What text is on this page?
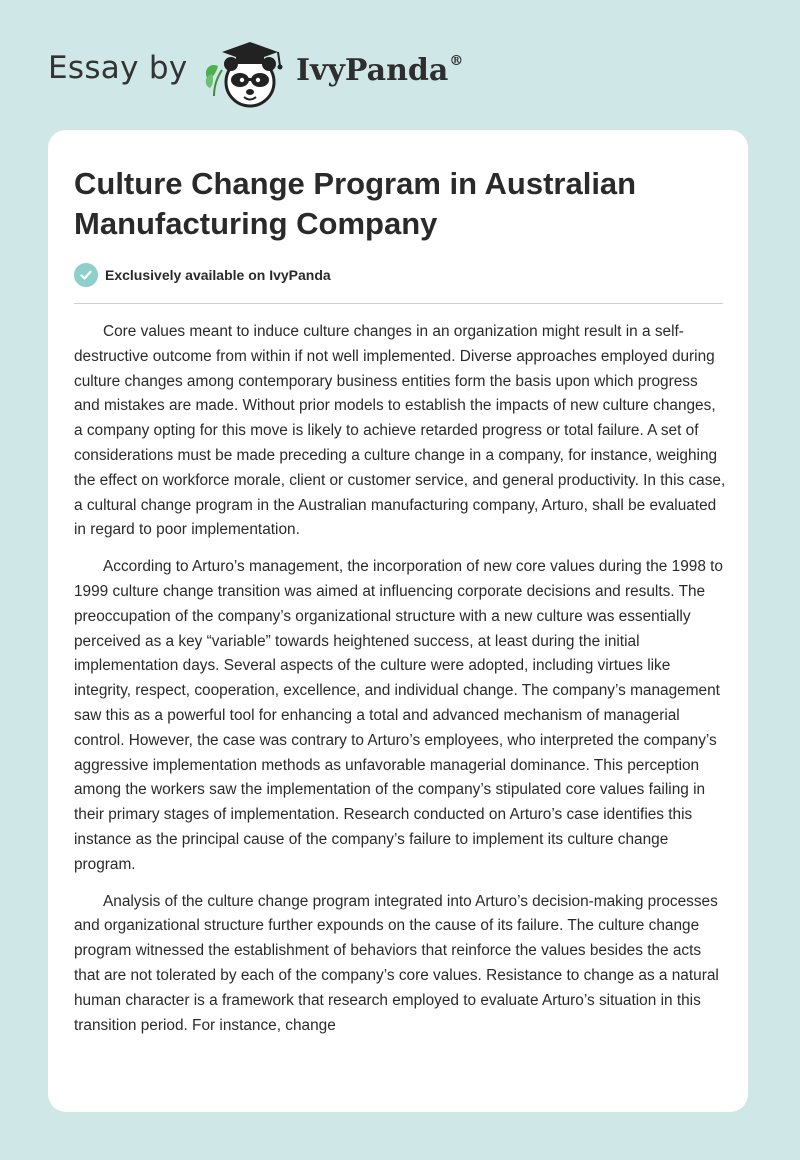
Essay by	IvyPanda®
Culture Change Program in Australian Manufacturing Company
Exclusively available on IvyPanda

Core values meant to induce culture changes in an organization might result in a self-destructive outcome from within if not well implemented. Diverse approaches employed during culture changes among contemporary business entities form the basis upon which progress and mistakes are made. Without prior models to establish the impacts of new culture changes, a company opting for this move is likely to achieve retarded progress or total failure. A set of considerations must be made preceding a culture change in a company, for instance, weighing the effect on workforce morale, client or customer service, and general productivity. In this case, a cultural change program in the Australian manufacturing company, Arturo, shall be evaluated in regard to poor implementation.

According to Arturo’s management, the incorporation of new core values during the 1998 to 1999 culture change transition was aimed at influencing corporate decisions and results. The preoccupation of the company’s organizational structure with a new culture was essentially perceived as a key “variable” towards heightened success, at least during the initial implementation days. Several aspects of the culture were adopted, including virtues like integrity, respect, cooperation, excellence, and individual change. The company’s management saw this as a powerful tool for enhancing a total and advanced mechanism of managerial control. However, the case was contrary to Arturo’s employees, who interpreted the company’s aggressive implementation methods as unfavorable managerial dominance. This perception among the workers saw the implementation of the company’s stipulated core values failing in their primary stages of implementation. Research conducted on Arturo’s case identifies this instance as the principal cause of the company’s failure to implement its culture change program.

Analysis of the culture change program integrated into Arturo’s decision-making processes and organizational structure further expounds on the cause of its failure. The culture change program witnessed the establishment of behaviors that reinforce the values besides the acts that are not tolerated by each of the company’s core values. Resistance to change as a natural human character is a framework that research employed to evaluate Arturo’s situation in this transition period. For instance, change
